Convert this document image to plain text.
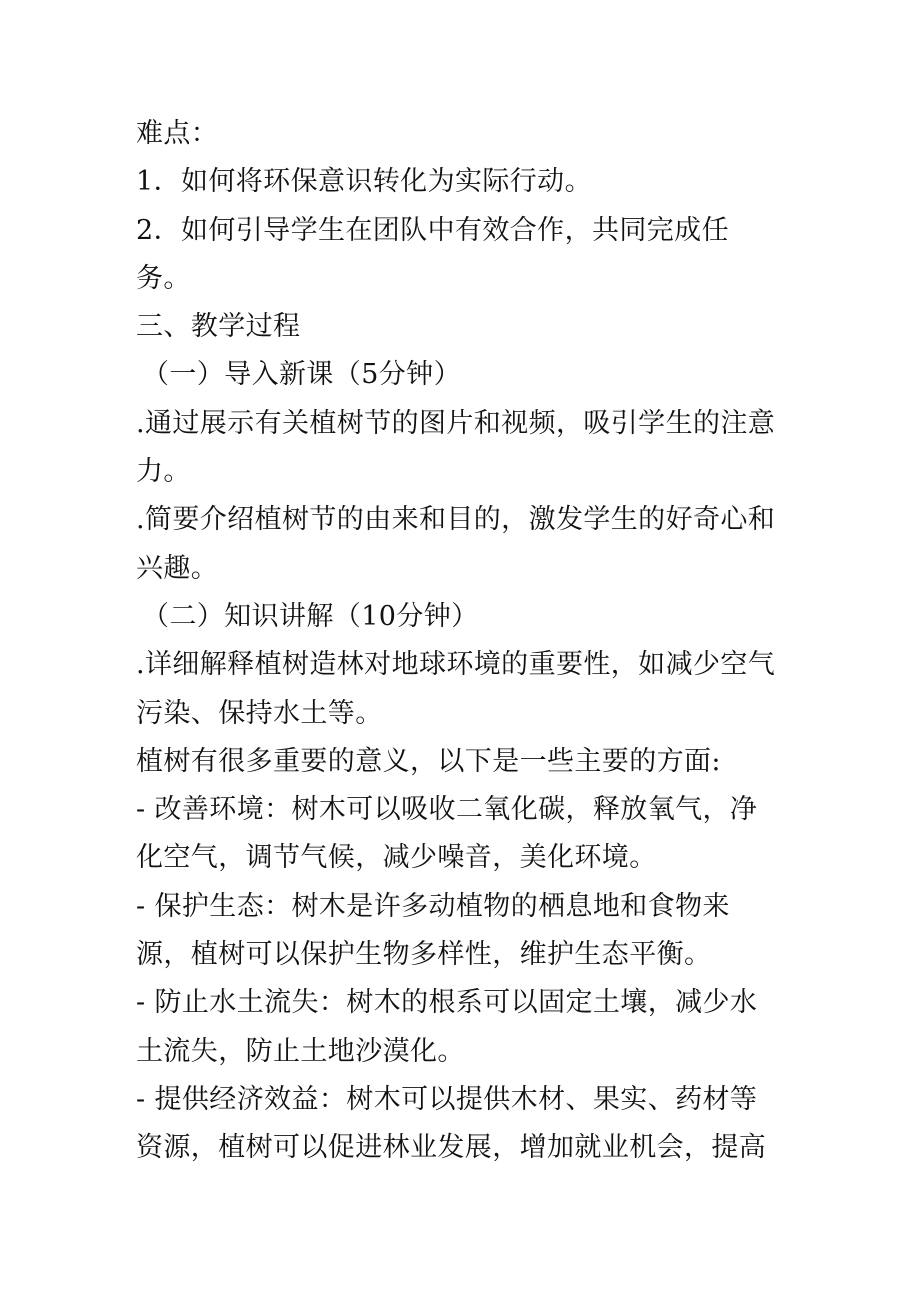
难点：
1．如何将环保意识转化为实际行动。
2．如何引导学生在团队中有效合作，共同完成任
务。
三、教学过程
（一）导入新课（5分钟）
.通过展示有关植树节的图片和视频，吸引学生的注意
力。
.简要介绍植树节的由来和目的，激发学生的好奇心和
兴趣。
（二）知识讲解（10分钟）
.详细解释植树造林对地球环境的重要性，如减少空气
污染、保持水土等。
植树有很多重要的意义，以下是一些主要的方面:
- 改善环境：树木可以吸收二氧化碳，释放氧气，净
化空气，调节气候，减少噪音，美化环境。
- 保护生态：树木是许多动植物的栖息地和食物来
源，植树可以保护生物多样性，维护生态平衡。
- 防止水土流失：树木的根系可以固定土壤，减少水
土流失，防止土地沙漠化。
- 提供经济效益：树木可以提供木材、果实、药材等
资源，植树可以促进林业发展，增加就业机会，提高
